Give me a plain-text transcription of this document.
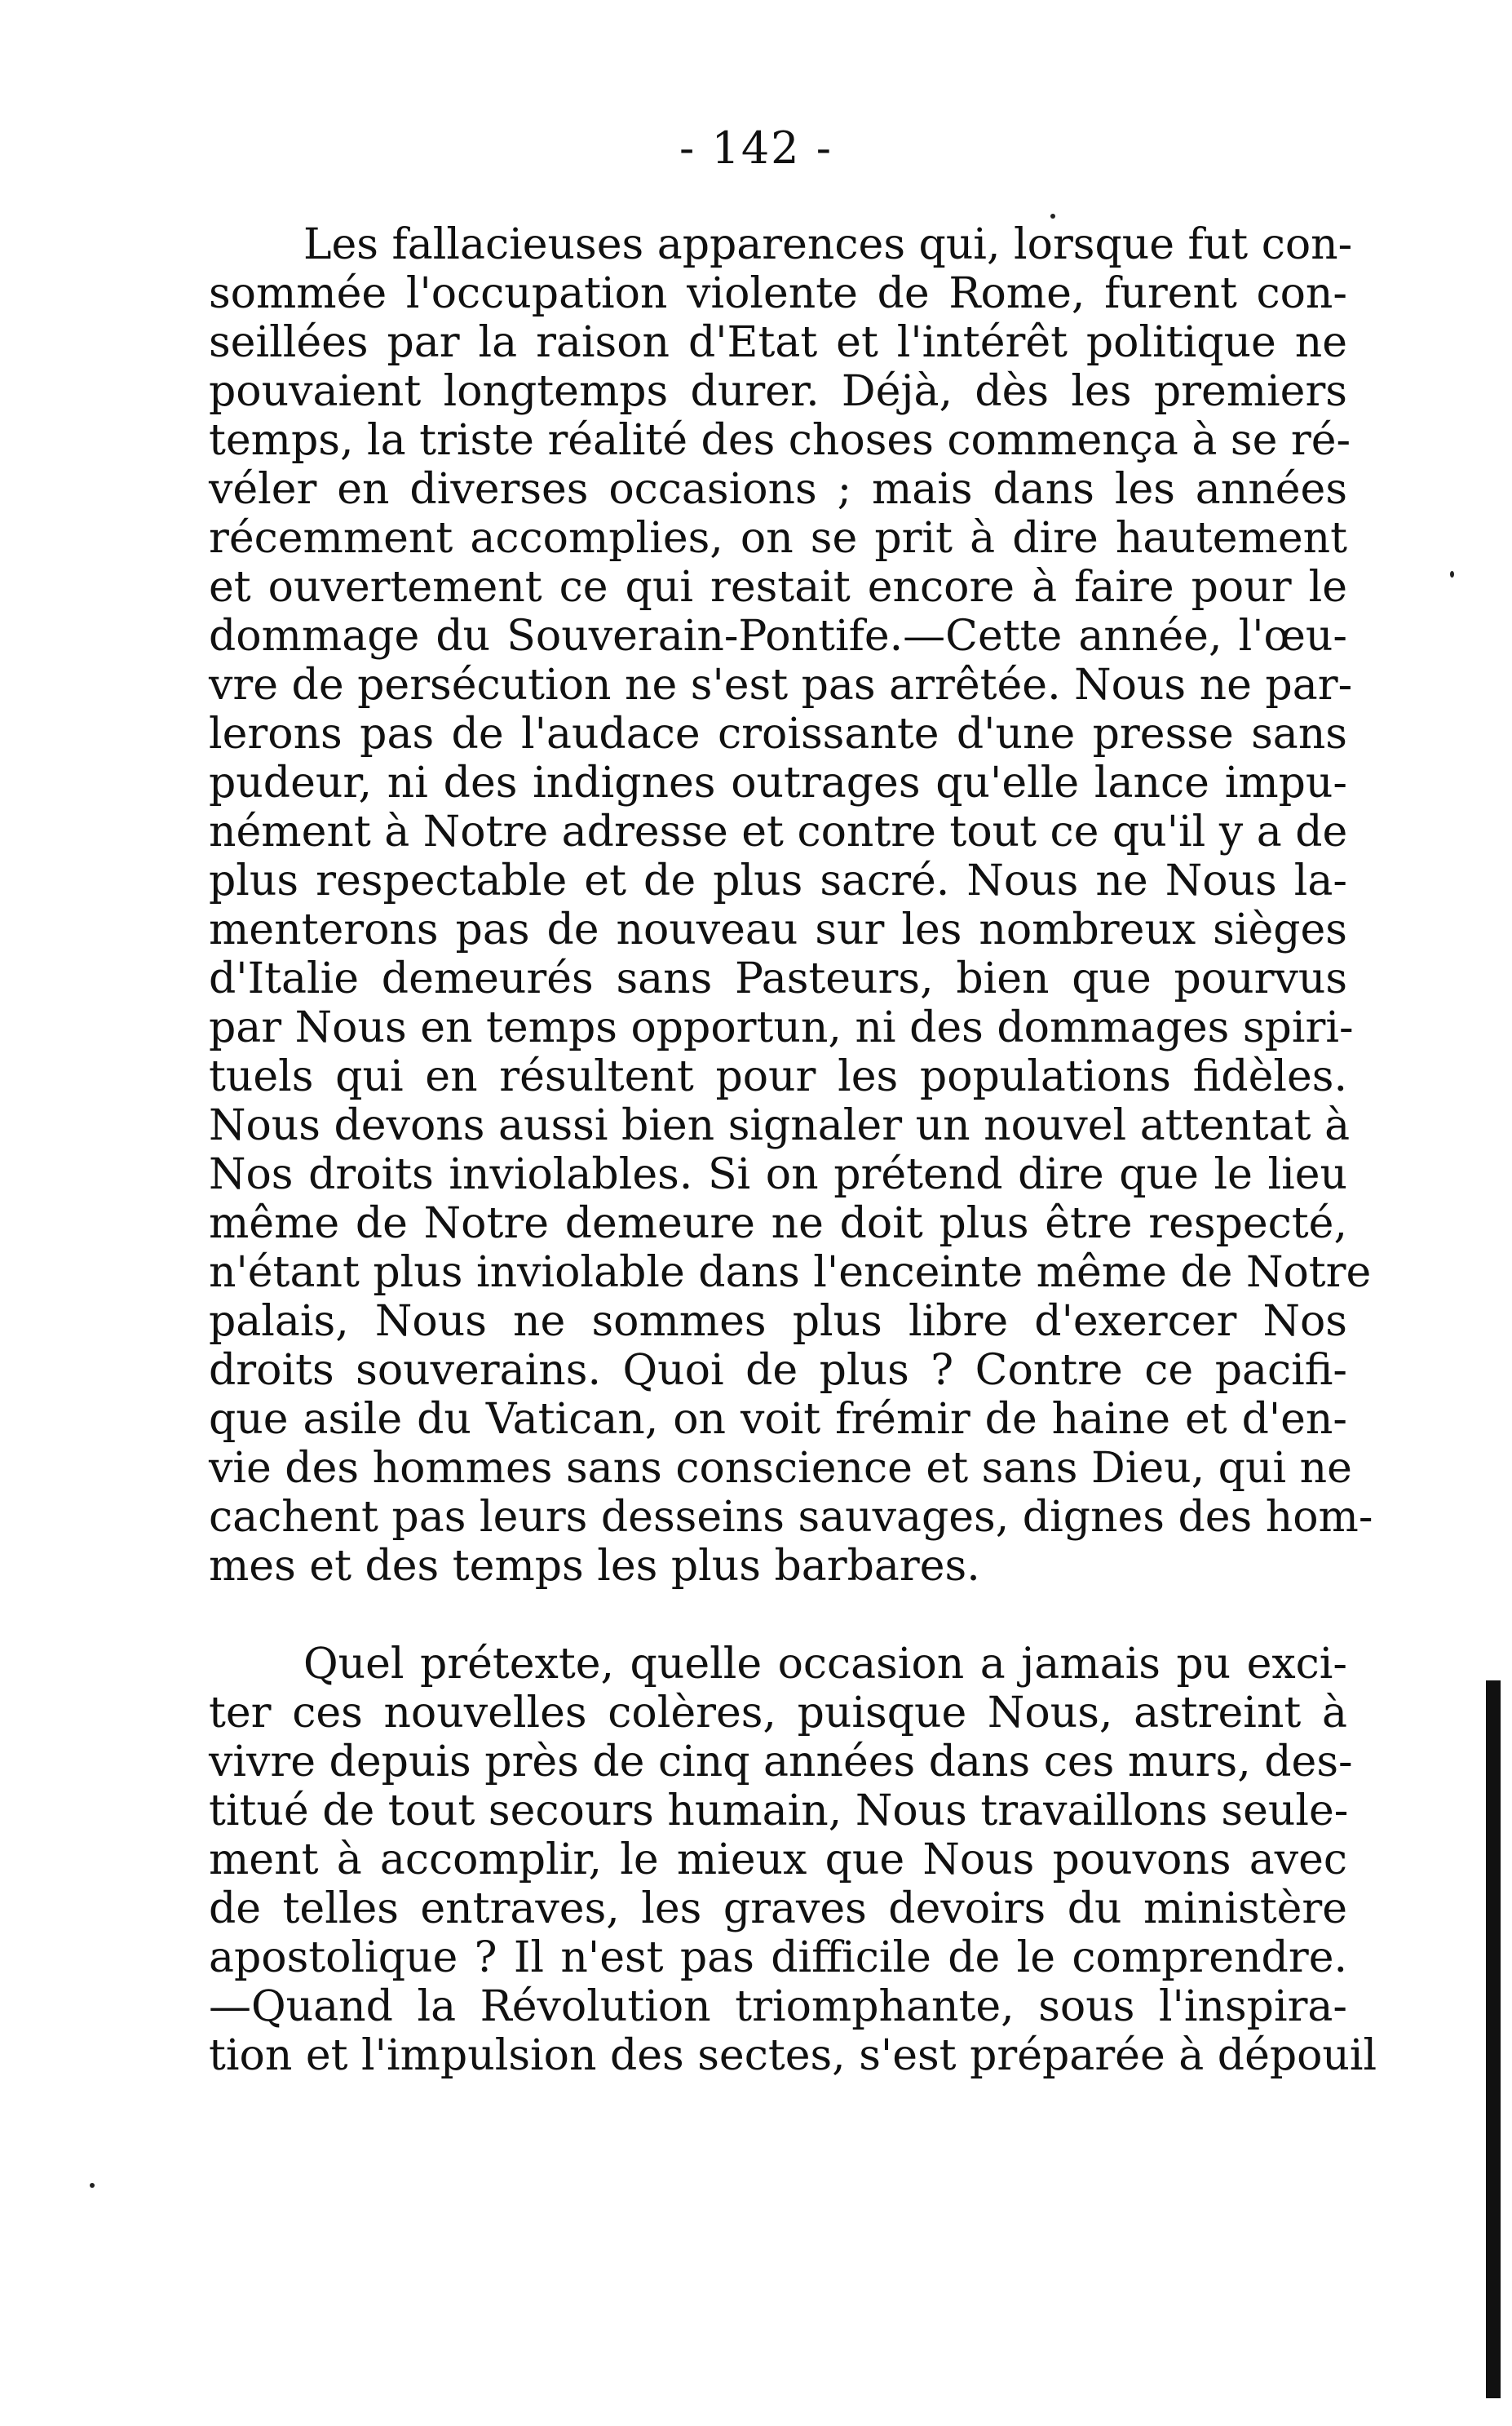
- 142 -
Les fallacieuses apparences qui, lorsque fut con-
sommée l'occupation violente de Rome, furent con-
seillées par la raison d'Etat et l'intérêt politique ne
pouvaient longtemps durer. Déjà, dès les premiers
temps, la triste réalité des choses commença à se ré-
véler en diverses occasions ; mais dans les années
récemment accomplies, on se prit à dire hautement
et ouvertement ce qui restait encore à faire pour le
dommage du Souverain-Pontife.—Cette année, l'œu-
vre de persécution ne s'est pas arrêtée. Nous ne par-
lerons pas de l'audace croissante d'une presse sans
pudeur, ni des indignes outrages qu'elle lance impu-
nément à Notre adresse et contre tout ce qu'il y a de
plus respectable et de plus sacré. Nous ne Nous la-
menterons pas de nouveau sur les nombreux sièges
d'Italie demeurés sans Pasteurs, bien que pourvus
par Nous en temps opportun, ni des dommages spiri-
tuels qui en résultent pour les populations fidèles.
Nous devons aussi bien signaler un nouvel attentat à
Nos droits inviolables. Si on prétend dire que le lieu
même de Notre demeure ne doit plus être respecté,
n'étant plus inviolable dans l'enceinte même de Notre
palais, Nous ne sommes plus libre d'exercer Nos
droits souverains. Quoi de plus ? Contre ce pacifi-
que asile du Vatican, on voit frémir de haine et d'en-
vie des hommes sans conscience et sans Dieu, qui ne
cachent pas leurs desseins sauvages, dignes des hom-
mes et des temps les plus barbares.
Quel prétexte, quelle occasion a jamais pu exci-
ter ces nouvelles colères, puisque Nous, astreint à
vivre depuis près de cinq années dans ces murs, des-
titué de tout secours humain, Nous travaillons seule-
ment à accomplir, le mieux que Nous pouvons avec
de telles entraves, les graves devoirs du ministère
apostolique ? Il n'est pas difficile de le comprendre.
—Quand la Révolution triomphante, sous l'inspira-
tion et l'impulsion des sectes, s'est préparée à dépouil
